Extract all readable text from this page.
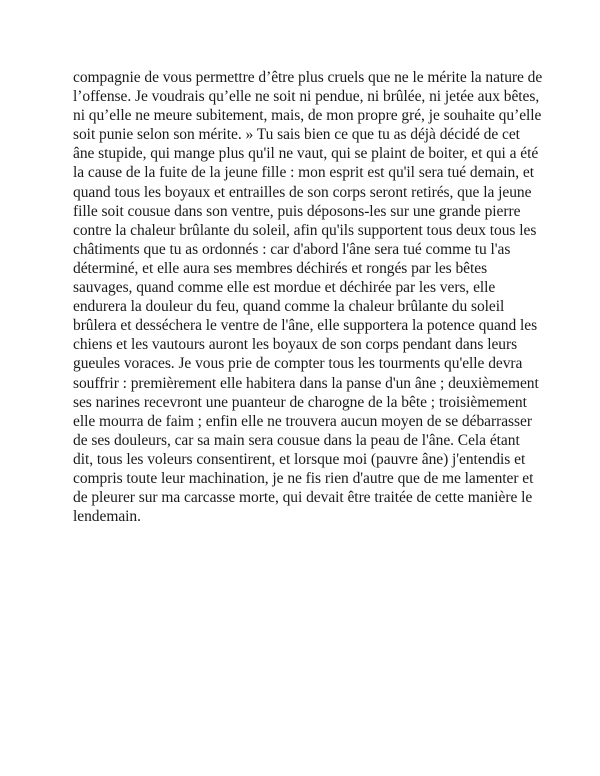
compagnie de vous permettre d’être plus cruels que ne le mérite la nature de
l’offense. Je voudrais qu’elle ne soit ni pendue, ni brûlée, ni jetée aux bêtes,
ni qu’elle ne meure subitement, mais, de mon propre gré, je souhaite qu’elle
soit punie selon son mérite. » Tu sais bien ce que tu as déjà décidé de cet
âne stupide, qui mange plus qu'il ne vaut, qui se plaint de boiter, et qui a été
la cause de la fuite de la jeune fille : mon esprit est qu'il sera tué demain, et
quand tous les boyaux et entrailles de son corps seront retirés, que la jeune
fille soit cousue dans son ventre, puis déposons-les sur une grande pierre
contre la chaleur brûlante du soleil, afin qu'ils supportent tous deux tous les
châtiments que tu as ordonnés : car d'abord l'âne sera tué comme tu l'as
déterminé, et elle aura ses membres déchirés et rongés par les bêtes
sauvages, quand comme elle est mordue et déchirée par les vers, elle
endurera la douleur du feu, quand comme la chaleur brûlante du soleil
brûlera et desséchera le ventre de l'âne, elle supportera la potence quand les
chiens et les vautours auront les boyaux de son corps pendant dans leurs
gueules voraces. Je vous prie de compter tous les tourments qu'elle devra
souffrir : premièrement elle habitera dans la panse d'un âne ; deuxièmement
ses narines recevront une puanteur de charogne de la bête ; troisièmement
elle mourra de faim ; enfin elle ne trouvera aucun moyen de se débarrasser
de ses douleurs, car sa main sera cousue dans la peau de l'âne. Cela étant
dit, tous les voleurs consentirent, et lorsque moi (pauvre âne) j'entendis et
compris toute leur machination, je ne fis rien d'autre que de me lamenter et
de pleurer sur ma carcasse morte, qui devait être traitée de cette manière le
lendemain.
